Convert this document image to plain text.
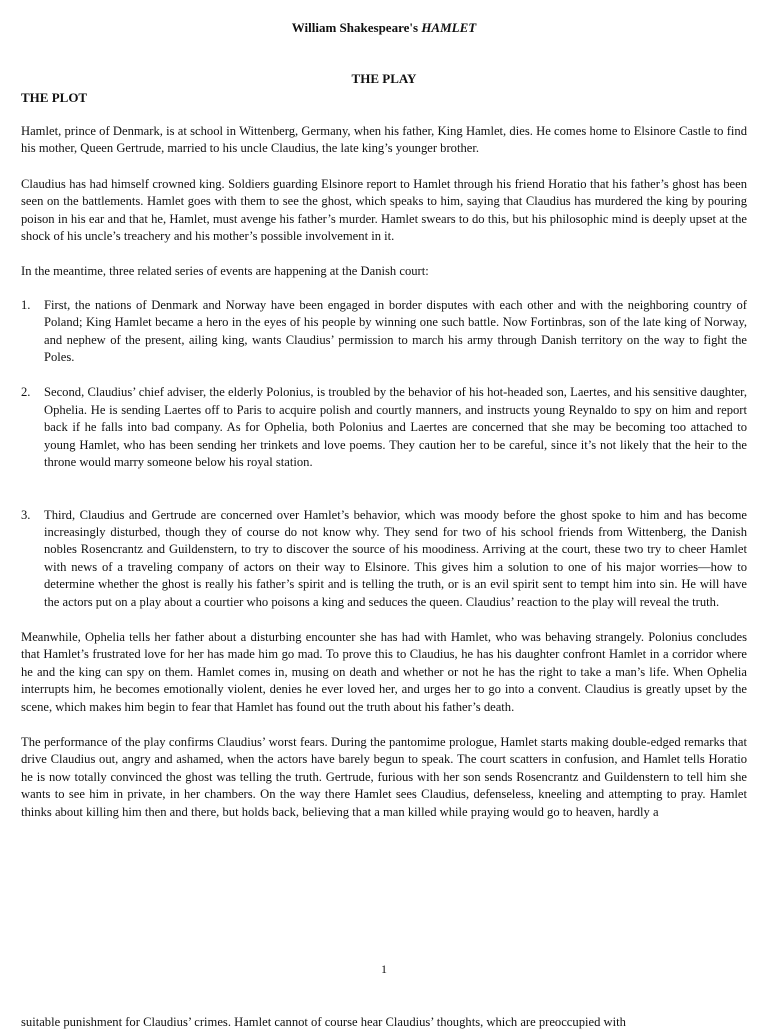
William Shakespeare's HAMLET
THE PLAY
THE PLOT

Hamlet, prince of Denmark, is at school in Wittenberg, Germany, when his father, King Hamlet, dies. He comes home to Elsinore Castle to find his mother, Queen Gertrude, married to his uncle Claudius, the late king’s younger brother.

Claudius has had himself crowned king. Soldiers guarding Elsinore report to Hamlet through his friend Horatio that his father’s ghost has been seen on the battlements. Hamlet goes with them to see the ghost, which speaks to him, saying that Claudius has murdered the king by pouring poison in his ear and that he, Hamlet, must avenge his father’s murder. Hamlet swears to do this, but his philosophic mind is deeply upset at the shock of his uncle’s treachery and his mother’s possible involvement in it.

In the meantime, three related series of events are happening at the Danish court:

1. First, the nations of Denmark and Norway have been engaged in border disputes with each other and with the neighboring country of Poland; King Hamlet became a hero in the eyes of his people by winning one such battle. Now Fortinbras, son of the late king of Norway, and nephew of the present, ailing king, wants Claudius’ permission to march his army through Danish territory on the way to fight the Poles.
2. Second, Claudius’ chief adviser, the elderly Polonius, is troubled by the behavior of his hot-headed son, Laertes, and his sensitive daughter, Ophelia. He is sending Laertes off to Paris to acquire polish and courtly manners, and instructs young Reynaldo to spy on him and report back if he falls into bad company. As for Ophelia, both Polonius and Laertes are concerned that she may be becoming too attached to young Hamlet, who has been sending her trinkets and love poems. They caution her to be careful, since it’s not likely that the heir to the throne would marry someone below his royal station.
3. Third, Claudius and Gertrude are concerned over Hamlet’s behavior, which was moody before the ghost spoke to him and has become increasingly disturbed, though they of course do not know why. They send for two of his school friends from Wittenberg, the Danish nobles Rosencrantz and Guildenstern, to try to discover the source of his moodiness. Arriving at the court, these two try to cheer Hamlet with news of a traveling company of actors on their way to Elsinore. This gives him a solution to one of his major worries—how to determine whether the ghost is really his father’s spirit and is telling the truth, or is an evil spirit sent to tempt him into sin. He will have the actors put on a play about a courtier who poisons a king and seduces the queen. Claudius’ reaction to the play will reveal the truth.

Meanwhile, Ophelia tells her father about a disturbing encounter she has had with Hamlet, who was behaving strangely. Polonius concludes that Hamlet’s frustrated love for her has made him go mad. To prove this to Claudius, he has his daughter confront Hamlet in a corridor where he and the king can spy on them. Hamlet comes in, musing on death and whether or not he has the right to take a man’s life. When Ophelia interrupts him, he becomes emotionally violent, denies he ever loved her, and urges her to go into a convent. Claudius is greatly upset by the scene, which makes him begin to fear that Hamlet has found out the truth about his father’s death.

The performance of the play confirms Claudius’ worst fears. During the pantomime prologue, Hamlet starts making double-edged remarks that drive Claudius out, angry and ashamed, when the actors have barely begun to speak. The court scatters in confusion, and Hamlet tells Horatio he is now totally convinced the ghost was telling the truth. Gertrude, furious with her son sends Rosencrantz and Guildenstern to tell him she wants to see him in private, in her chambers. On the way there Hamlet sees Claudius, defenseless, kneeling and attempting to pray. Hamlet thinks about killing him then and there, but holds back, believing that a man killed while praying would go to heaven, hardly a

1
suitable punishment for Claudius’ crimes. Hamlet cannot of course hear Claudius’ thoughts, which are preoccupied with
